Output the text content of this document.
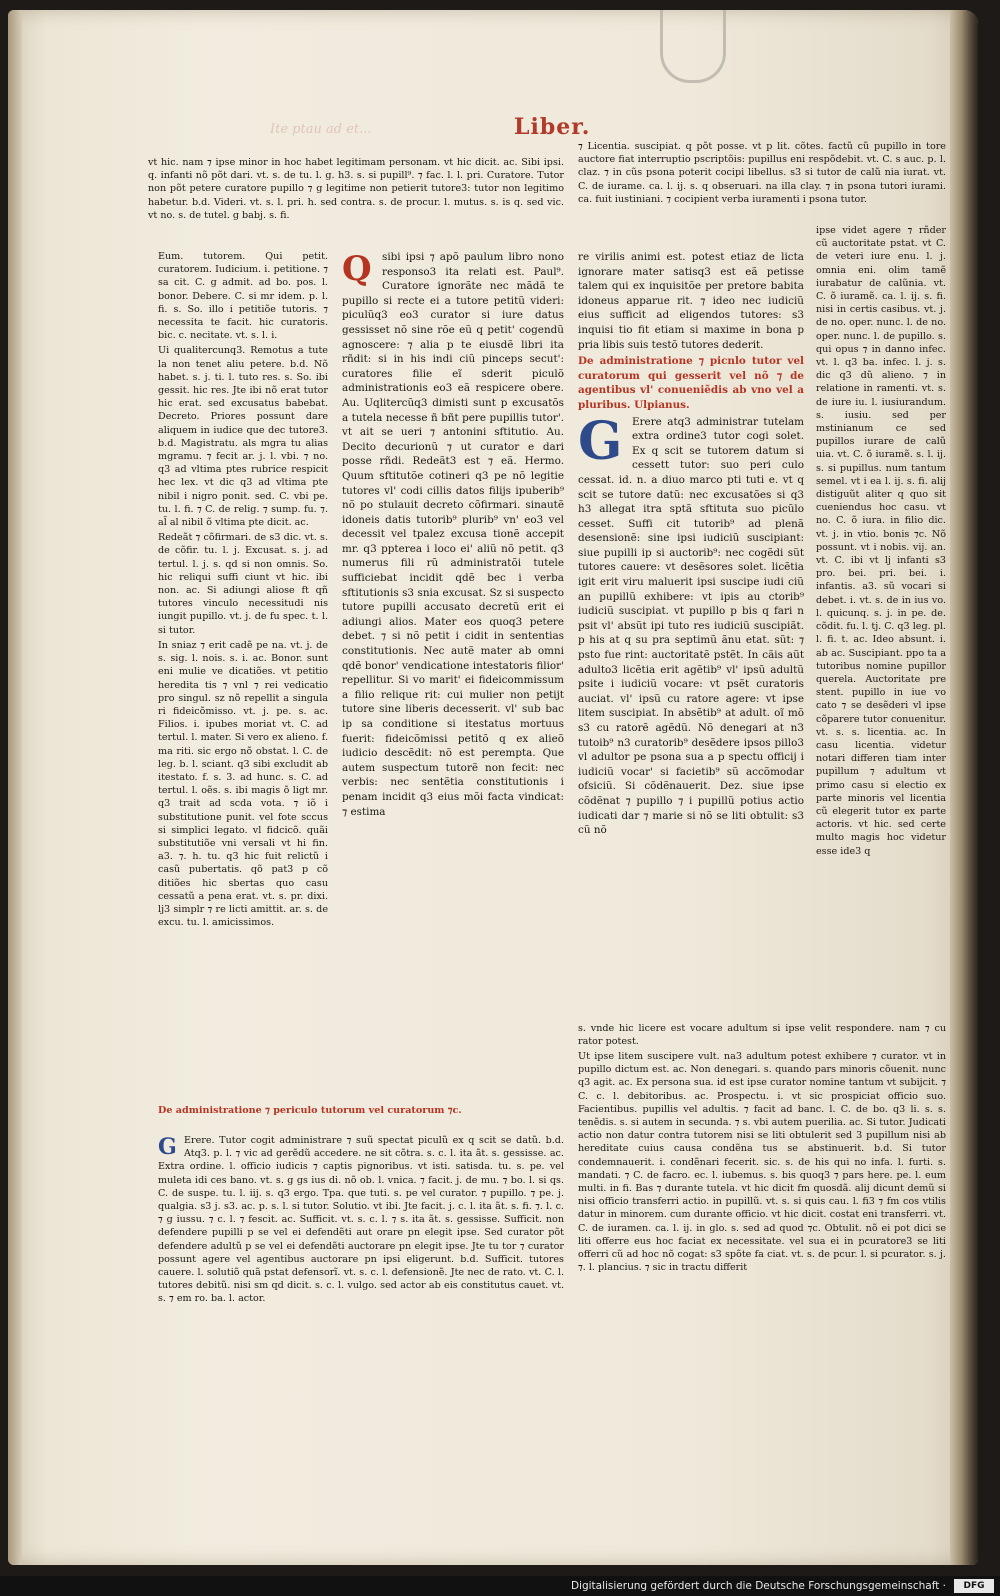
Ite ptau ad et...	Liber.

vt hic. nam ⁊ ipse minor in hoc habet legitimam personam. vt hic dicit. ac. Sibi ipsi. q. infanti nõ põt dari. vt. s. de tu. l. g. h3. s. si pupill⁹. ⁊ fac. l. l. pri. Curatore. Tutor non põt petere curatore pupillo ⁊ g legitime non petierit tutore3: tutor non legitimo habetur. b.d. Videri. vt. s. l. pri. h. sed contra. s. de procur. l. mutus. s. is q. sed vic. vt no. s. de tutel. g babj. s. fi.

⁊ Licentia. suscipiat. q põt posse. vt p lit. cõtes. factũ cũ pupillo in tore auctore fiat interruptio pscriptõis: pupillus eni respõdebit. vt. C. s auc. p. l. claz. ⁊ in cũs psona poterit cocipi libellus. s3 si tutor de calũ nia iurat. vt. C. de iurame. ca. l. ij. s. q obseruari. na illa clay. ⁊ in psona tutori iurami. ca. fuit iustiniani. ⁊ cocipient verba iuramenti i psona tutor.

Eum. tutorem. Qui petit. curatorem. Iudicium. i. petitione. ⁊ sa cit. C. g admit. ad bo. pos. l. bonor. Debere. C. si mr idem. p. l. fi. s. So. illo i petitiõe tutoris. ⁊ necessita te facit. hic curatoris. bic. c. necitate. vt. s. l. i.

Ui qualitercunq3. Remotus a tute la non tenet aliu petere. b.d. Nõ habet. s. j. ti. l. tuto res. s. So. ibi gessit. hic res. Jte ibi nõ erat tutor hic erat. sed excusatus babebat. Decreto. Priores possunt dare aliquem in iudice que dec tutore3. b.d. Magistratu. als mgra tu alias mgramu. ⁊ fecit ar. j. l. vbi. ⁊ no. q3 ad vltima ptes rubrice respicit hec lex. vt dic q3 ad vltima pte nibil i nigro ponit. sed. C. vbi pe. tu. l. fi. ⁊ C. de relig. ⁊ sump. fu. ⁊. al̃ al nibil õ vltima pte dicit. ac.

Redeãt ⁊ cõfirmari. de s3 dic. vt. s. de cõfir. tu. l. j. Excusat. s. j. ad tertul. l. j. s. qd si non omnis. So. hic reliqui suffi ciunt vt hic. ibi non. ac. Si adiungi aliose ft qñ tutores vinculo necessitudi nis iungit pupillo. vt. j. de fu spec. t. l. si tutor.

In sniaz ⁊ erit cadẽ pe na. vt. j. de s. sig. l. nois. s. i. ac. Bonor. sunt eni mulie ve dicatiões. vt petitio heredita tis ⁊ vnl ⁊ rei vedicatio pro singul. sz nõ repellit a singula ri fideicõmisso. vt. j. pe. s. ac. Filios. i. ipubes moriat vt. C. ad tertul. l. mater. Si vero ex alieno. f. ma riti. sic ergo nõ obstat. l. C. de leg. b. l. sciant. q3 sibi excludit ab itestato. f. s. 3. ad hunc. s. C. ad tertul. l. oẽs. s. ibi magis õ ligt mr. q3 trait ad scda vota. ⁊ iõ i substitutione punit. vel fote sccus si simplici legato. vl fidcicõ. quãi substitutiõe vni versali vt hi fin. a3. ⁊. h. tu. q3 hic fuit relictũ i casũ pubertatis. qõ pat3 p cõ ditiões hic sbertas quo casu cessatũ a pena erat. vt. s. pr. dixi. lj3 simplr ⁊ re licti amittit. ar. s. de excu. tu. l. amicissimos.

Q sibi ipsi ⁊ apõ paulum libro nono responso3 ita relati est. Paul⁹. Curatore ignorãte nec mãdã te pupillo si recte ei a tutore petitũ videri: piculũq3 eo3 curator si iure datus gessisset nõ sine rõe eũ q petit' cogendũ agnoscere: ⁊ alia p te eiusdẽ libri ita rñdit: si in his indi ciũ pinceps secut': curatores filie eĩ sderit piculõ administrationis eo3 eã respicere obere. Au. Uqlitercũq3 dimisti sunt p excusatõs a tutela necesse ñ bñt pere pupillis tutor'. vt ait se ueri ⁊ antonini sftitutio. Au. Decito decurionũ ⁊ ut curator e dari posse rñdi. Redeãt3 est ⁊ eã. Hermo. Quum sftitutõe cotineri q3 pe nõ legitie tutores vl' codi cillis datos filijs ipuberib⁹ nõ po stulauit decreto cõfirmari. sinautẽ idoneis datis tutorib⁹ plurib⁹ vn' eo3 vel decessit vel tpalez excusa tionẽ accepit mr. q3 ppterea i loco ei' aliũ nõ petit. q3 numerus fili rũ administratõi tutele sufficiebat incidit qdẽ bec i verba sftitutionis s3 snia excusat. Sz si suspecto tutore pupilli accusato decretũ erit ei adiungi alios. Mater eos quoq3 petere debet. ⁊ si nõ petit i cidit in sententias constitutionis. Nec autẽ mater ab omni qdẽ bonor' vendicatione intestatoris filior' repellitur. Si vo marit' ei fideicommissum a filio relique rit: cui mulier non petijt tutore sine liberis decesserit. vl' sub bac ip sa conditione si itestatus mortuus fuerit: fideicõmissi petitõ q ex alieõ iudicio descẽdit: nõ est perempta. Que autem suspectum tutorẽ non fecit: nec verbis: nec sentẽtia constitutionis i penam incidit q3 eius mõi facta vindicat: ⁊ estima

re virilis animi est. potest etiaz de licta ignorare mater satisq3 est eã petisse talem qui ex inquisitõe per pretore babita idoneus apparue rit. ⁊ ideo nec iudiciũ eius sufficit ad eligendos tutores: s3 inquisi tio fit etiam si maxime in bona p pria libis suis testõ tutores dederit.

De administratione ⁊ picnlo tutor vel curatorum qui gesserit vel nõ ⁊ de agentibus vl' conueniẽdis ab vno vel a pluribus. Ulpianus.

G Erere atq3 administrar tutelam extra ordine3 tutor cogi solet. Ex q scit se tutorem datum si cessett tutor: suo peri culo cessat. id. n. a diuo marco pti tuti e. vt q scit se tutore datũ: nec excusatões si q3 h3 allegat itra sptã sftituta suo picũlo cesset. Suffi cit tutorib⁹ ad plenã desensionẽ: sine ipsi iudiciũ suscipiant: siue pupilli ip si auctorib⁹: nec cogẽdi sũt tutores cauere: vt desẽsores solet. licẽtia igit erit viru maluerit ipsi suscipe iudi ciũ an pupillũ exhibere: vt ipis au ctorib⁹ iudiciũ suscipiat. vt pupillo p bis q fari n psit vl' absũt ipi tuto res iudiciũ suscipiãt. p his at q su pra septimũ ãnu etat. sũt: ⁊ psto fue rint: auctoritatẽ pstẽt. In cãis aũt adulto3 licẽtia erit agẽtib⁹ vl' ipsũ adultũ psite i iudiciũ vocare: vt psẽt curatoris auciat. vl' ipsũ cu ratore agere: vt ipse litem suscipiat. In absẽtib⁹ at adult. oĩ mõ s3 cu ratorẽ agẽdũ. Nõ denegari at n3 tutoib⁹ n3 curatorib⁹ desẽdere ipsos pillo3 vl adultor pe psona sua a p spectu officij i iudiciũ vocar' si facietib⁹ sũ accõmodar ofsiciũ. Si cõdẽnauerit. Dez. siue ipse cõdẽnat ⁊ pupillo ⁊ i pupillũ potius actio iudicati dar ⁊ marie si nõ se liti obtulit: s3 cũ nõ

ipse videt agere ⁊ rñder cũ auctoritate pstat. vt C. de veteri iure enu. l. j. omnia eni. olim tamẽ iurabatur de calũnia. vt. C. õ iuramẽ. ca. l. ij. s. fi. nisi in certis casibus. vt. j. de no. oper. nunc. l. de no. oper. nunc. l. de pupillo. s. qui opus ⁊ in danno infec. vt. l. q3 ba. infec. l. j. s. dic q3 dũ alieno. ⁊ in relatione in ramenti. vt. s. de iure iu. l. iusiurandum. s. iusiu. sed per mstinianum ce sed pupillos iurare de calũ uia. vt. C. õ iuramẽ. s. l. ij. s. si pupillus. num tantum semel. vt i ea l. ij. s. fi. alij distiguũt aliter q quo sit cueniendus hoc casu. vt no. C. õ iura. in filio dic. vt. j. in vtio. bonis ⁊c. Nõ possunt. vt i nobis. vij. an. vt. C. ibi vt lj infanti s3 pro. bei. pri. bei. i. infantis. a3. sũ vocari si debet. i. vt. s. de in ius vo. l. quicunq. s. j. in pe. de. cõdit. fu. l. tj. C. q3 leg. pl. l. fi. t. ac. Ideo absunt. i. ab ac. Suscipiant. ppo ta a tutoribus nomine pupillor querela. Auctoritate pre stent. pupillo in iue vo cato ⁊ se desẽderi vl ipse cõparere tutor conuenitur. vt. s. s. licentia. ac. In casu licentia. videtur notari differen tiam inter pupillum ⁊ adultum vt primo casu si electio ex parte minoris vel licentia cũ elegerit tutor ex parte actoris. vt hic. sed certe multo magis hoc videtur esse ide3 q

s. vnde hic licere est vocare adultum si ipse velit respondere. nam ⁊ cu rator potest.

De administratione ⁊ periculo tutorum vel curatorum ⁊c.

G Erere. Tutor cogit administrare ⁊ suũ spectat piculũ ex q scit se datũ. b.d. Atq3. p. l. ⁊ vic ad gerẽdũ accedere. ne sit cõtra. s. c. l. ita ãt. s. gessisse. ac. Extra ordine. l. officio iudicis ⁊ captis pignoribus. vt isti. satisda. tu. s. pe. vel muleta idi ces bano. vt. s. g gs ius di. nõ ob. l. vnica. ⁊ facit. j. de mu. ⁊ bo. l. si qs. C. de suspe. tu. l. iij. s. q3 ergo. Tpa. que tuti. s. pe vel curator. ⁊ pupillo. ⁊ pe. j. qualgia. s3 j. s3. ac. p. s. l. si tutor. Solutio. vt ibi. Jte facit. j. c. l. ita ãt. s. fi. ⁊. l. c. ⁊ g iussu. ⁊ c. l. ⁊ fescit. ac. Sufficit. vt. s. c. l. ⁊ s. ita ãt. s. gessisse. Sufficit. non defendere pupilli p se vel ei defendẽti aut orare pn elegit ipse. Sed curator põt defendere adultũ p se vel ei defendẽti auctorare pn elegit ipse. Jte tu tor ⁊ curator possunt agere vel agentibus auctorare pn ipsi eligerunt. b.d. Sufficit. tutores cauere. l. solutiõ quã pstat defensorĩ. vt. s. c. l. defensionẽ. Jte nec de rato. vt. C. l. tutores debitũ. nisi sm qd dicit. s. c. l. vulgo. sed actor ab eis constitutus cauet. vt. s. ⁊ em ro. ba. l. actor.

Ut ipse litem suscipere vult. na3 adultum potest exhibere ⁊ curator. vt in pupillo dictum est. ac. Non denegari. s. quando pars minoris cõuenit. nunc q3 agit. ac. Ex persona sua. id est ipse curator nomine tantum vt subijcit. ⁊ C. c. l. debitoribus. ac. Prospectu. i. vt sic prospiciat officio suo. Facientibus. pupillis vel adultis. ⁊ facit ad banc. l. C. de bo. q3 li. s. s. tenẽdis. s. si autem in secunda. ⁊ s. vbi autem puerilia. ac. Si tutor. Judicati actio non datur contra tutorem nisi se liti obtulerit sed 3 pupillum nisi ab hereditate cuius causa condẽna tus se abstinuerit. b.d. Si tutor condemnauerit. i. condẽnari fecerit. sic. s. de his qui no infa. l. furti. s. mandati. ⁊ C. de facro. ec. l. iubemus. s. bis quoq3 ⁊ pars here. pe. l. eum multi. in fi. Bas ⁊ durante tutela. vt hic dicit fm quosdã. alij dicunt demũ si nisi officio transferri actio. in pupillũ. vt. s. si quis cau. l. fi3 ⁊ fm cos vtilis datur in minorem. cum durante officio. vt hic dicit. costat eni transferri. vt. C. de iuramen. ca. l. ij. in glo. s. sed ad quod ⁊c. Obtulit. nõ ei pot dici se liti offerre eus hoc faciat ex necessitate. vel sua ei in pcuratore3 se liti offerri cũ ad hoc nõ cogat: s3 spõte fa ciat. vt. s. de pcur. l. si pcurator. s. j. ⁊. l. plancius. ⁊ sic in tractu differit

Digitalisierung gefördert durch die Deutsche Forschungsgemeinschaft ·	DFG
